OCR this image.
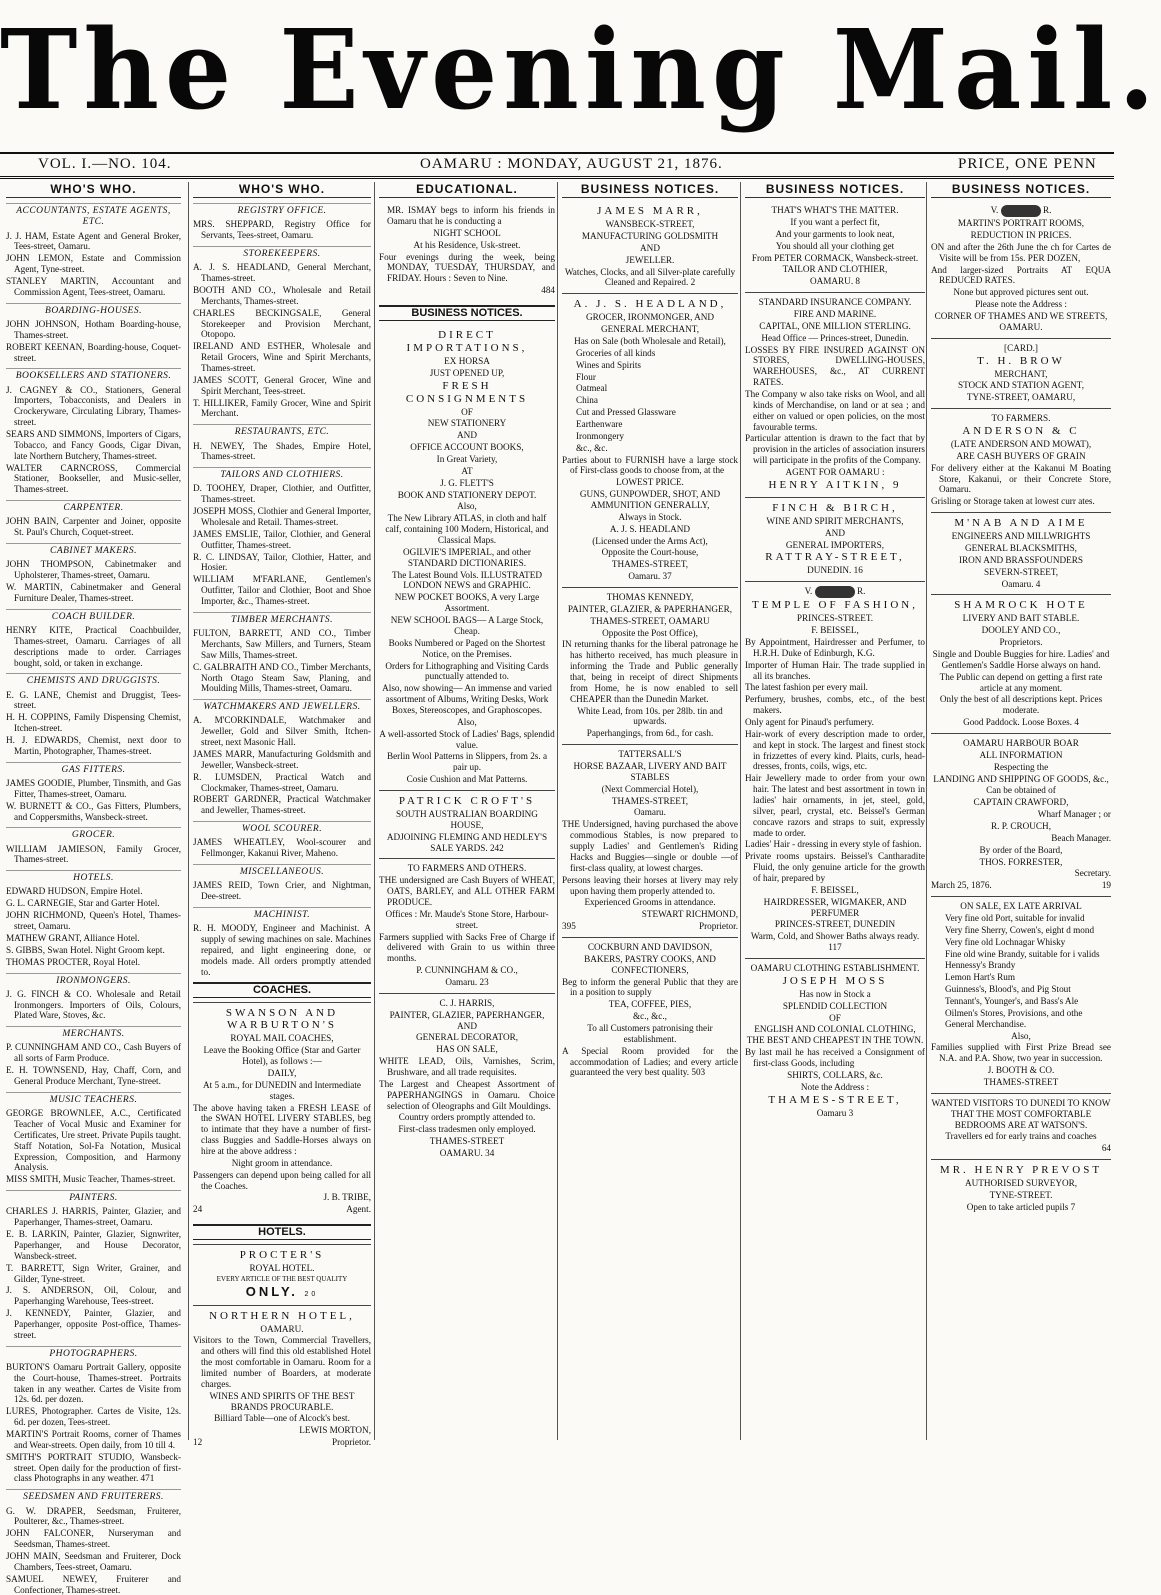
The Evening Mail.
VOL. I.—NO. 104.	OAMARU : MONDAY, AUGUST 21, 1876.	PRICE, ONE PENN
WHO'S WHO.
ACCOUNTANTS, ESTATE AGENTS, ETC.
J. J. HAM, Estate Agent and General Broker, Tees-street, Oamaru.
JOHN LEMON, Estate and Commission Agent, Tyne-street.
STANLEY MARTIN, Accountant and Commission Agent, Tees-street, Oamaru.
BOARDING-HOUSES.
JOHN JOHNSON, Hotham Boarding-house, Thames-street.
ROBERT KEENAN, Boarding-house, Coquet-street.
BOOKSELLERS AND STATIONERS.
J. CAGNEY & CO., Stationers, General Importers, Tobacconists, and Dealers in Crockeryware, Circulating Library, Thames-street.
SEARS AND SIMMONS, Importers of Cigars, Tobacco, and Fancy Goods, Cigar Divan, late Northern Butchery, Thames-street.
WALTER CARNCROSS, Commercial Stationer, Bookseller, and Music-seller, Thames-street.
CARPENTER.
JOHN BAIN, Carpenter and Joiner, opposite St. Paul's Church, Coquet-street.
CABINET MAKERS.
JOHN THOMPSON, Cabinetmaker and Upholsterer, Thames-street, Oamaru.
W. MARTIN, Cabinetmaker and General Furniture Dealer, Thames-street.
COACH BUILDER.
HENRY KITE, Practical Coachbuilder, Thames-street, Oamaru. Carriages of all descriptions made to order. Carriages bought, sold, or taken in exchange.
CHEMISTS AND DRUGGISTS.
E. G. LANE, Chemist and Druggist, Tees-street.
H. H. COPPINS, Family Dispensing Chemist, Itchen-street.
H. J. EDWARDS, Chemist, next door to Martin, Photographer, Thames-street.
GAS FITTERS.
JAMES GOODIE, Plumber, Tinsmith, and Gas Fitter, Thames-street, Oamaru.
W. BURNETT & CO., Gas Fitters, Plumbers, and Coppersmiths, Wansbeck-street.
GROCER.
WILLIAM JAMIESON, Family Grocer, Thames-street.
HOTELS.
EDWARD HUDSON, Empire Hotel.
G. L. CARNEGIE, Star and Garter Hotel.
JOHN RICHMOND, Queen's Hotel, Thames-street, Oamaru.
MATHEW GRANT, Alliance Hotel.
S. GIBBS, Swan Hotel. Night Groom kept.
THOMAS PROCTER, Royal Hotel.
IRONMONGERS.
J. G. FINCH & CO. Wholesale and Retail Ironmongers. Importers of Oils, Colours, Plated Ware, Stoves, &c.
MERCHANTS.
P. CUNNINGHAM AND CO., Cash Buyers of all sorts of Farm Produce.
E. H. TOWNSEND, Hay, Chaff, Corn, and General Produce Merchant, Tyne-street.
MUSIC TEACHERS.
GEORGE BROWNLEE, A.C., Certificated Teacher of Vocal Music and Examiner for Certificates, Ure street. Private Pupils taught. Staff Notation, Sol-Fa Notation, Musical Expression, Composition, and Harmony Analysis.
MISS SMITH, Music Teacher, Thames-street.
PAINTERS.
CHARLES J. HARRIS, Painter, Glazier, and Paperhanger, Thames-street, Oamaru.
E. B. LARKIN, Painter, Glazier, Signwriter, Paperhanger, and House Decorator, Wansbeck-street.
T. BARRETT, Sign Writer, Grainer, and Gilder, Tyne-street.
J. S. ANDERSON, Oil, Colour, and Paperhanging Warehouse, Tees-street.
J. KENNEDY, Painter, Glazier, and Paperhanger, opposite Post-office, Thames-street.
PHOTOGRAPHERS.
BURTON'S Oamaru Portrait Gallery, opposite the Court-house, Thames-street. Portraits taken in any weather. Cartes de Visite from 12s. 6d. per dozen.
LURES, Photographer. Cartes de Visite, 12s. 6d. per dozen, Tees-street.
MARTIN'S Portrait Rooms, corner of Thames and Wear-streets. Open daily, from 10 till 4.
SMITH'S PORTRAIT STUDIO, Wansbeck-street. Open daily for the production of first-class Photographs in any weather. 471
SEEDSMEN AND FRUITERERS.
G. W. DRAPER, Seedsman, Fruiterer, Poulterer, &c., Thames-street.
JOHN FALCONER, Nurseryman and Seedsman, Thames-street.
JOHN MAIN, Seedsman and Fruiterer, Dock Chambers, Tees-street, Oamaru.
SAMUEL NEWEY, Fruiterer and Confectioner, Thames-street.
WHO'S WHO.
REGISTRY OFFICE.
MRS. SHEPPARD, Registry Office for Servants, Tees-street, Oamaru.
STOREKEEPERS.
A. J. S. HEADLAND, General Merchant, Thames-street.
BOOTH AND CO., Wholesale and Retail Merchants, Thames-street.
CHARLES BECKINGSALE, General Storekeeper and Provision Merchant, Otopopo.
IRELAND AND ESTHER, Wholesale and Retail Grocers, Wine and Spirit Merchants, Thames-street.
JAMES SCOTT, General Grocer, Wine and Spirit Merchant, Tees-street.
T. HILLIKER, Family Grocer, Wine and Spirit Merchant.
RESTAURANTS, ETC.
H. NEWEY, The Shades, Empire Hotel, Thames-street.
TAILORS AND CLOTHIERS.
D. TOOHEY, Draper, Clothier, and Outfitter, Thames-street.
JOSEPH MOSS, Clothier and General Importer, Wholesale and Retail. Thames-street.
JAMES EMSLIE, Tailor, Clothier, and General Outfitter, Thames-street.
R. C. LINDSAY, Tailor, Clothier, Hatter, and Hosier.
WILLIAM M'FARLANE, Gentlemen's Outfitter, Tailor and Clothier, Boot and Shoe Importer, &c., Thames-street.
TIMBER MERCHANTS.
FULTON, BARRETT, AND CO., Timber Merchants, Saw Millers, and Turners, Steam Saw Mills, Thames-street.
C. GALBRAITH AND CO., Timber Merchants, North Otago Steam Saw, Planing, and Moulding Mills, Thames-street, Oamaru.
WATCHMAKERS AND JEWELLERS.
A. M'CORKINDALE, Watchmaker and Jeweller, Gold and Silver Smith, Itchen-street, next Masonic Hall.
JAMES MARR, Manufacturing Goldsmith and Jeweller, Wansbeck-street.
R. LUMSDEN, Practical Watch and Clockmaker, Thames-street, Oamaru.
ROBERT GARDNER, Practical Watchmaker and Jeweller, Thames-street.
WOOL SCOURER.
JAMES WHEATLEY, Wool-scourer and Fellmonger, Kakanui River, Maheno.
MISCELLANEOUS.
JAMES REID, Town Crier, and Nightman, Dee-street.
MACHINIST.
R. H. MOODY, Engineer and Machinist. A supply of sewing machines on sale. Machines repaired, and light engineering done, or models made. All orders promptly attended to.
COACHES.

SWANSON AND WARBURTON'S

ROYAL MAIL COACHES,

Leave the Booking Office (Star and Garter Hotel), as follows :—

DAILY,

At 5 a.m., for DUNEDIN and Intermediate stages.

The above having taken a FRESH LEASE of the SWAN HOTEL LIVERY STABLES, beg to intimate that they have a number of first-class Buggies and Saddle-Horses always on hire at the above address :

Night groom in attendance.

Passengers can depend upon being called for all the Coaches.

J. B. TRIBE,

24	Agent.

HOTELS.

PROCTER'S

ROYAL HOTEL.

EVERY ARTICLE OF THE BEST QUALITY

ONLY. 20

NORTHERN HOTEL,

OAMARU.

Visitors to the Town, Commercial Travellers, and others will find this old established Hotel the most comfortable in Oamaru. Room for a limited number of Boarders, at moderate charges.

WINES AND SPIRITS OF THE BEST BRANDS PROCURABLE.

Billiard Table—one of Alcock's best.

LEWIS MORTON,

12	Proprietor.

EDUCATIONAL.

MR. ISMAY begs to inform his friends in Oamaru that he is conducting a

NIGHT SCHOOL

At his Residence, Usk-street.

Four evenings during the week, being MONDAY, TUESDAY, THURSDAY, and FRIDAY. Hours : Seven to Nine.

484

BUSINESS NOTICES.

DIRECT IMPORTATIONS,

EX HORSA

JUST OPENED UP,

FRESH CONSIGNMENTS

OF

NEW STATIONERY

AND

OFFICE ACCOUNT BOOKS,

In Great Variety,

AT

J. G. FLETT'S

BOOK AND STATIONERY DEPOT.

Also,

The New Library ATLAS, in cloth and half calf, containing 100 Modern, Historical, and Classical Maps.

OGILVIE'S IMPERIAL, and other STANDARD DICTIONARIES.

The Latest Bound Vols. ILLUSTRATED LONDON NEWS and GRAPHIC.

NEW POCKET BOOKS, A very Large Assortment.

NEW SCHOOL BAGS— A Large Stock, Cheap.

Books Numbered or Paged on the Shortest Notice, on the Premises.

Orders for Lithographing and Visiting Cards punctually attended to.

Also, now showing— An immense and varied assortment of Albums, Writing Desks, Work Boxes, Stereoscopes, and Graphoscopes.

Also,

A well-assorted Stock of Ladies' Bags, splendid value.

Berlin Wool Patterns in Slippers, from 2s. a pair up.

Cosie Cushion and Mat Patterns.

PATRICK CROFT'S

SOUTH AUSTRALIAN BOARDING HOUSE,

ADJOINING FLEMING AND HEDLEY'S SALE YARDS. 242

TO FARMERS AND OTHERS.

THE undersigned are Cash Buyers of WHEAT, OATS, BARLEY, and ALL OTHER FARM PRODUCE.

Offices : Mr. Maude's Stone Store, Harbour-street.

Farmers supplied with Sacks Free of Charge if delivered with Grain to us within three months.

P. CUNNINGHAM & CO.,

Oamaru. 23

C. J. HARRIS,

PAINTER, GLAZIER, PAPERHANGER, AND

GENERAL DECORATOR,

HAS ON SALE,

WHITE LEAD, Oils, Varnishes, Scrim, Brushware, and all trade requisites.

The Largest and Cheapest Assortment of PAPERHANGINGS in Oamaru. Choice selection of Oleographs and Gilt Mouldings.

Country orders promptly attended to.

First-class tradesmen only employed.

THAMES-STREET

OAMARU. 34

BUSINESS NOTICES.

JAMES MARR,

WANSBECK-STREET,

MANUFACTURING GOLDSMITH

AND

JEWELLER.

Watches, Clocks, and all Silver-plate carefully Cleaned and Repaired. 2

A. J. S. HEADLAND,

GROCER, IRONMONGER, AND

GENERAL MERCHANT,

Has on Sale (both Wholesale and Retail),

Groceries of all kinds

Wines and Spirits

Flour

Oatmeal

China

Cut and Pressed Glassware

Earthenware

Ironmongery

&c., &c.

Parties about to FURNISH have a large stock of First-class goods to choose from, at the

LOWEST PRICE.

GUNS, GUNPOWDER, SHOT, AND AMMUNITION GENERALLY,

Always in Stock.

A. J. S. HEADLAND

(Licensed under the Arms Act),

Opposite the Court-house,

THAMES-STREET,

Oamaru. 37

THOMAS KENNEDY,

PAINTER, GLAZIER, & PAPERHANGER,

THAMES-STREET, OAMARU

Opposite the Post Office),

IN returning thanks for the liberal patronage he has hitherto received, has much pleasure in informing the Trade and Public generally that, being in receipt of direct Shipments from Home, he is now enabled to sell CHEAPER than the Dunedin Market.

White Lead, from 10s. per 28lb. tin and upwards.

Paperhangings, from 6d., for cash.

TATTERSALL'S

HORSE BAZAAR, LIVERY AND BAIT STABLES

(Next Commercial Hotel),

THAMES-STREET,

Oamaru.

THE Undersigned, having purchased the above commodious Stables, is now prepared to supply Ladies' and Gentlemen's Riding Hacks and Buggies—single or double —of first-class quality, at lowest charges.

Persons leaving their horses at livery may rely upon having them properly attended to.

Experienced Grooms in attendance.

STEWART RICHMOND,

395	Proprietor.

COCKBURN AND DAVIDSON,

BAKERS, PASTRY COOKS, AND CONFECTIONERS,

Beg to inform the general Public that they are in a position to supply

TEA, COFFEE, PIES,

&c., &c.,

To all Customers patronising their establishment.

A Special Room provided for the accommodation of Ladies; and every article guaranteed the very best quality. 503

BUSINESS NOTICES.

THAT'S WHAT'S THE MATTER.

If you want a perfect fit,

And your garments to look neat,

You should all your clothing get

From PETER CORMACK, Wansbeck-street.

TAILOR AND CLOTHIER,

OAMARU. 8

STANDARD INSURANCE COMPANY.

FIRE AND MARINE.

CAPITAL, ONE MILLION STERLING.

Head Office — Princes-street, Dunedin.

LOSSES BY FIRE INSURED AGAINST ON STORES, DWELLING-HOUSES, WAREHOUSES, &c., AT CURRENT RATES.

The Company w also take risks on Wool, and all kinds of Merchandise, on land or at sea ; and either on valued or open policies, on the most favourable terms.

Particular attention is drawn to the fact that by provision in the articles of association insurers will participate in the profits of the Company.

AGENT FOR OAMARU :

HENRY AITKIN, 9

FINCH & BIRCH,

WINE AND SPIRIT MERCHANTS,

AND

GENERAL IMPORTERS,

RATTRAY-STREET,

DUNEDIN. 16

V.	R.

TEMPLE OF FASHION,

PRINCES-STREET.

F. BEISSEL,

By Appointment, Hairdresser and Perfumer, to H.R.H. Duke of Edinburgh, K.G.

Importer of Human Hair. The trade supplied in all its branches.

The latest fashion per every mail.

Perfumery, brushes, combs, etc., of the best makers.

Only agent for Pinaud's perfumery.

Hair-work of every description made to order, and kept in stock. The largest and finest stock in frizzettes of every kind. Plaits, curls, head-dresses, fronts, coils, wigs, etc.

Hair Jewellery made to order from your own hair. The latest and best assortment in town in ladies' hair ornaments, in jet, steel, gold, silver, pearl, crystal, etc. Beissel's German concave razors and straps to suit, expressly made to order.

Ladies' Hair - dressing in every style of fashion.

Private rooms upstairs. Beissel's Cantharadite Fluid, the only genuine article for the growth of hair, prepared by

F. BEISSEL,

HAIRDRESSER, WIGMAKER, AND PERFUMER

PRINCES-STREET, DUNEDIN

Warm, Cold, and Shower Baths always ready. 117

OAMARU CLOTHING ESTABLISHMENT.

JOSEPH MOSS

Has now in Stock a

SPLENDID COLLECTION

OF

ENGLISH AND COLONIAL CLOTHING, THE BEST AND CHEAPEST IN THE TOWN.

By last mail he has received a Consignment of first-class Goods, including

SHIRTS, COLLARS, &c.

Note the Address :

THAMES-STREET,

Oamaru 3

BUSINESS NOTICES.

V.	R.

MARTIN'S PORTRAIT ROOMS,

REDUCTION IN PRICES.

ON and after the 26th June the ch for Cartes de Visite will be from 15s. PER DOZEN,

And larger-sized Portraits AT EQUA REDUCED RATES.

None but approved pictures sent out.

Please note the Address :

CORNER OF THAMES AND WE STREETS, OAMARU.

[CARD.]

T. H. BROW

MERCHANT,

STOCK AND STATION AGENT,

TYNE-STREET, OAMARU,

TO FARMERS.

ANDERSON & C

(LATE ANDERSON AND MOWAT),

ARE CASH BUYERS OF GRAIN

For delivery either at the Kakanui M Boating Store, Kakanui, or their Concrete Store, Oamaru.

Grisling or Storage taken at lowest curr ates.

M'NAB AND AIME

ENGINEERS AND MILLWRIGHTS

GENERAL BLACKSMITHS,

IRON AND BRASSFOUNDERS

SEVERN-STREET,

Oamaru. 4

SHAMROCK HOTE

LIVERY AND BAIT STABLE.

DOOLEY AND CO.,

Proprietors.

Single and Double Buggies for hire. Ladies' and Gentlemen's Saddle Horse always on hand.

The Public can depend on getting a first rate article at any moment.

Only the best of all descriptions kept. Prices moderate.

Good Paddock. Loose Boxes. 4

OAMARU HARBOUR BOAR

ALL INFORMATION

Respecting the

LANDING AND SHIPPING OF GOODS, &c.,

Can be obtained of

CAPTAIN CRAWFORD,

Wharf Manager ; or

R. P. CROUCH,

Beach Manager.

By order of the Board,

THOS. FORRESTER,

Secretary.

March 25, 1876.	19

ON SALE, EX LATE ARRIVAL

Very fine old Port, suitable for invalid

Very fine Sherry, Cowen's, eight d mond

Very fine old Lochnagar Whisky

Fine old wine Brandy, suitable for i valids

Hennessy's Brandy

Lemon Hart's Rum

Guinness's, Blood's, and Pig Stout

Tennant's, Younger's, and Bass's Ale

Oilmen's Stores, Provisions, and othe General Merchandise.

Also,

Families supplied with First Prize Bread see N.A. and P.A. Show, two year in succession.

J. BOOTH & CO.

THAMES-STREET

WANTED VISITORS TO DUNEDI TO KNOW THAT THE MOST COMFORTABLE BEDROOMS ARE AT WATSON'S.

Travellers ed for early trains and coaches

64

MR. HENRY PREVOST

AUTHORISED SURVEYOR,

TYNE-STREET.

Open to take articled pupils 7
